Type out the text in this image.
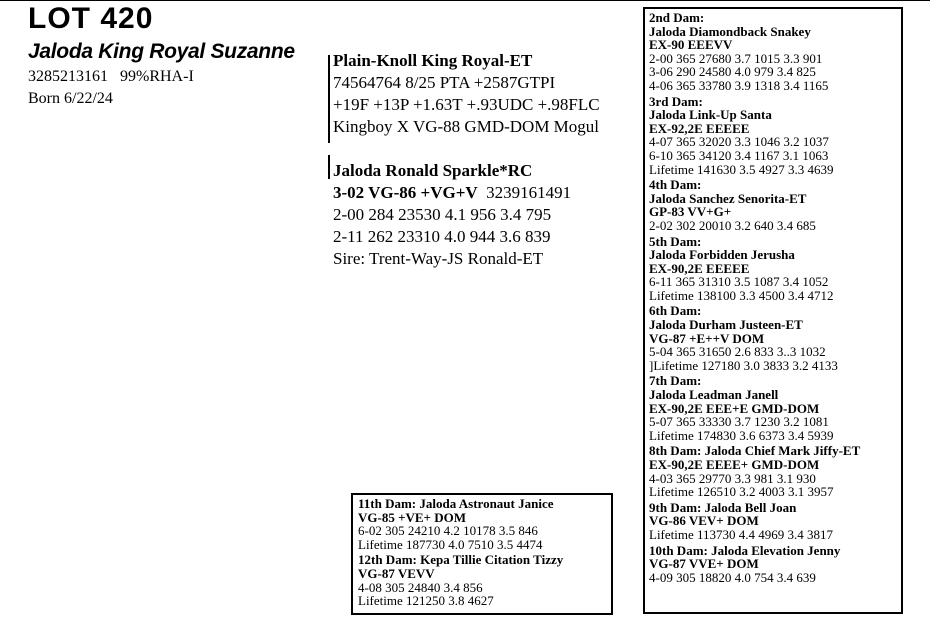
LOT 420
Jaloda King Royal Suzanne
3285213161   99%RHA-I
Born 6/22/24
Plain-Knoll King Royal-ET
74564764 8/25 PTA +2587GTPI
+19F +13P +1.63T +.93UDC +.98FLC
Kingboy X VG-88 GMD-DOM Mogul
Jaloda Ronald Sparkle*RC
3-02 VG-86 +VG+V 3239161491
2-00 284 23530 4.1 956 3.4 795
2-11 262 23310 4.0 944 3.6 839
Sire: Trent-Way-JS Ronald-ET
2nd Dam:
Jaloda Diamondback Snakey
EX-90 EEEVV
2-00 365 27680 3.7 1015 3.3 901
3-06 290 24580 4.0 979 3.4 825
4-06 365 33780 3.9 1318 3.4 1165
3rd Dam:
Jaloda Link-Up Santa
EX-92,2E EEEEE
4-07 365 32020 3.3 1046 3.2 1037
6-10 365 34120 3.4 1167 3.1 1063
Lifetime 141630 3.5 4927 3.3 4639
4th Dam:
Jaloda Sanchez Senorita-ET
GP-83 VV+G+
2-02 302 20010 3.2 640 3.4 685
5th Dam:
Jaloda Forbidden Jerusha
EX-90,2E EEEEE
6-11 365 31310 3.5 1087 3.4 1052
Lifetime 138100 3.3 4500 3.4 4712
6th Dam:
Jaloda Durham Justeen-ET
VG-87 +E++V DOM
5-04 365 31650 2.6 833 3..3 1032
]Lifetime 127180 3.0 3833 3.2 4133
7th Dam:
Jaloda Leadman Janell
EX-90,2E EEE+E GMD-DOM
5-07 365 33330 3.7 1230 3.2 1081
Lifetime 174830 3.6 6373 3.4 5939
8th Dam: Jaloda Chief Mark Jiffy-ET
EX-90,2E EEEE+ GMD-DOM
4-03 365 29770 3.3 981 3.1 930
Lifetime 126510 3.2 4003 3.1 3957
9th Dam: Jaloda Bell Joan
VG-86 VEV+ DOM
Lifetime 113730 4.4 4969 3.4 3817
10th Dam: Jaloda Elevation Jenny
VG-87 VVE+ DOM
4-09 305 18820 4.0 754 3.4 639
11th Dam: Jaloda Astronaut Janice
VG-85 +VE+ DOM
6-02 305 24210 4.2 10178 3.5 846
Lifetime 187730 4.0 7510 3.5 4474
12th Dam: Kepa Tillie Citation Tizzy
VG-87 VEVV
4-08 305 24840 3.4 856
Lifetime 121250 3.8 4627
